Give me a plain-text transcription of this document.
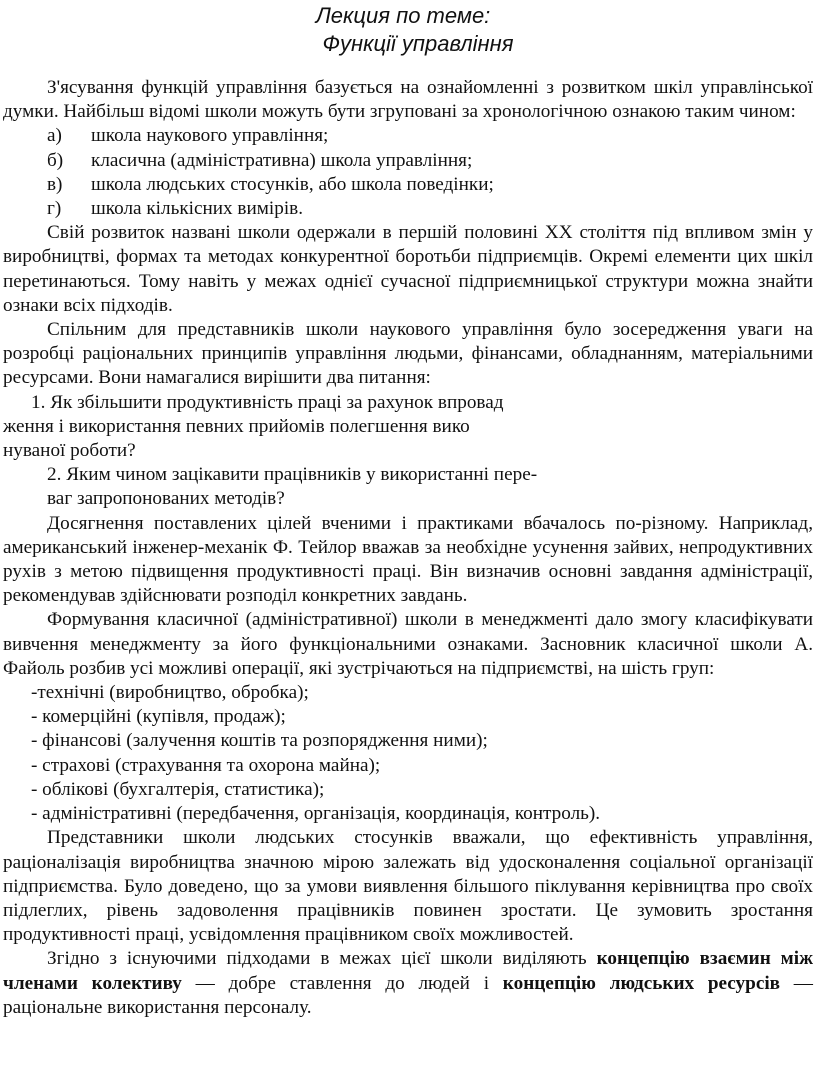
Лекция по теме:
Функції управління

З'ясування функцій управління базується на ознайомленні з розвитком шкіл управлінської думки. Найбільш відомі школи можуть бути згруповані за хронологічною ознакою таким чином:

а)	школа наукового управління;
б)	класична (адміністративна) школа управління;
в)	школа людських стосунків, або школа поведінки;
г)	школа кількісних вимірів.

Свій розвиток названі школи одержали в першій половині XX століття під впливом змін у виробництві, формах та методах конкурентної боротьби підприємців. Окремі елементи цих шкіл перетинаються. Тому навіть у межах однієї сучасної підприємницької структури можна знайти ознаки всіх підходів.

Спільним для представників школи наукового управління було зосередження уваги на розробці раціональних принципів управління людьми, фінансами, обладнанням, матеріальними ресурсами. Вони намагалися вирішити два питання:

1. Як збільшити продуктивність праці за рахунок впровад
ження і використання певних прийомів полегшення вико
нуваної роботи?
2. Яким чином зацікавити працівників у використанні пере-
ваг запропонованих методів?

Досягнення поставлених цілей вченими і практиками вбачалось по-різному. Наприклад, американський інженер-механік Ф. Тейлор вважав за необхідне усунення зайвих, непродуктивних рухів з метою підвищення продуктивності праці. Він визначив основні завдання адміністрації, рекомендував здійснювати розподіл конкретних завдань.

Формування класичної (адміністративної) школи в менеджменті дало змогу класифікувати вивчення менеджменту за його функціональними ознаками. Засновник класичної школи А. Файоль розбив усі можливі операції, які зустрічаються на підприємстві, на шість груп:

-технічні (виробництво, обробка);
- комерційні (купівля, продаж);
- фінансові (залучення коштів та розпорядження ними);
- страхові (страхування та охорона майна);
- облікові (бухгалтерія, статистика);
- адміністративні (передбачення, організація, координація, контроль).

Представники школи людських стосунків вважали, що ефективність управління, раціоналізація виробництва значною мірою залежать від удосконалення соціальної організації підприємства. Було доведено, що за умови виявлення більшого піклування керівництва про своїх підлеглих, рівень задоволення працівників повинен зростати. Це зумовить зростання продуктивності праці, усвідомлення працівником своїх можливостей.

Згідно з існуючими підходами в межах цієї школи виділяють концепцію взаємин між членами колективу — добре ставлення до людей і концепцію людських ресурсів — раціональне використання персоналу.
